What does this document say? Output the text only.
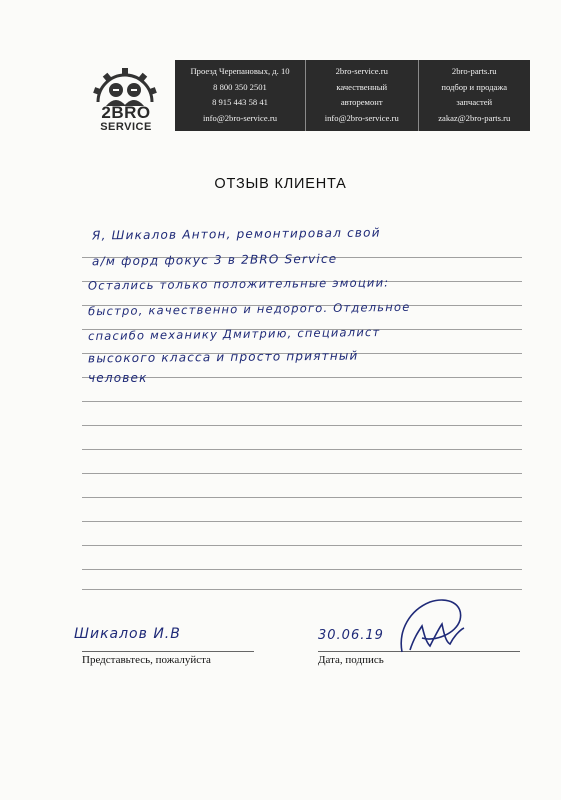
2BRO
SERVICE
Проезд Черепановых, д. 10
8 800 350 2501
8 915 443 58 41
info@2bro-service.ru
2bro-service.ru
качественный
автоpемонт
info@2bro-service.ru
2bro-parts.ru
подбор и продажа
запчастей
zakaz@2bro-parts.ru
ОТЗЫВ КЛИЕНТА
Я, Шикалов Антон, ремонтировал свой
а/м форд фокус 3 в 2BRO Service
Остались только положительные эмоции:
быстро, качественно и недорого. Отдельное
спасибо механику Дмитрию, специалист
высокого класса и просто приятный
человек
Шикалов И.В
Представьтесь, пожалуйста
30.06.19
Дата, подпись
